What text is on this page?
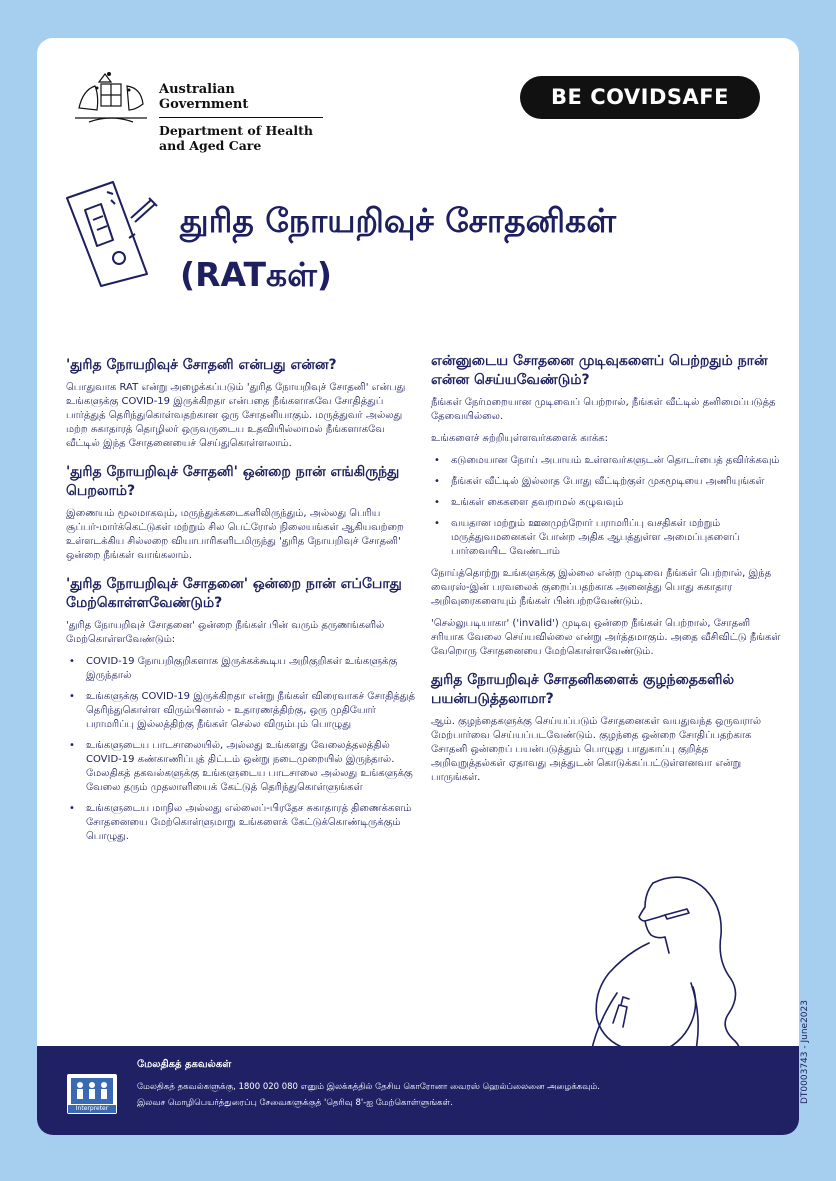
Australian Government
Department of Health
and Aged Care
BE COVIDSAFE
துரித நோயறிவுச் சோதனிகள்
(RATகள்)
'துரித நோயறிவுச் சோதனி என்பது என்ன?

பொதுவாக RAT என்று அழைக்கப்படும் 'துரித நோயறிவுச் சோதனி' என்பது உங்களுக்கு COVID-19 இருக்கிறதா என்பதை நீங்களாகவே சோதித்துப் பார்த்துத் தெரிந்துகொள்வதற்கான ஒரு சோதனியாகும். மருத்துவர் அல்லது மற்ற சுகாதாரத் தொழிலர் ஒருவருடைய உதவியில்லாமல் நீங்களாகவே வீட்டில் இந்த சோதனையைச் செய்துகொள்ளலாம்.

'துரித நோயறிவுச் சோதனி' ஒன்றை நான் எங்கிருந்து பெறலாம்?

இணையம் மூலமாகவும், மருந்துக்கடைகளிலிருந்தும், அல்லது பெரிய சூப்பர்-மார்க்கெட்டுகள் மற்றும் சில பெட்ரோல் நிலையங்கள் ஆகியவற்றை உள்ளடக்கிய சில்லறை வியாபாரிகளிடமிருந்து 'துரித நோயறிவுச் சோதனி' ஒன்றை நீங்கள் வாங்கலாம்.

'துரித நோயறிவுச் சோதனை' ஒன்றை நான் எப்போது மேற்கொள்ளவேண்டும்?

'துரித நோயறிவுச் சோதனை' ஒன்றை நீங்கள் பின் வரும் தருணங்களில் மேற்கொள்ளவேண்டும்:

• COVID-19 நோயறிகுறிகளாக இருக்கக்கூடிய அறிகுறிகள் உங்களுக்கு இருந்தால்
• உங்களுக்கு COVID-19 இருக்கிறதா என்று நீங்கள் விரைவாகச் சோதித்துத் தெரிந்துகொள்ள விரும்பினால் - உதாரணத்திற்கு, ஒரு முதியோர் பராமரிப்பு இல்லத்திற்கு நீங்கள் செல்ல விரும்பும் பொழுது
• உங்களுடைய பாடசாலையில், அல்லது உங்களது வேலைத்தலத்தில் COVID-19 கண்காணிப்புத் திட்டம் ஒன்று நடைமுறையில் இருந்தால். மேலதிகத் தகவல்களுக்கு உங்களுடைய பாடசாலை அல்லது உங்களுக்கு வேலை தரும் முதலாளியைக் கேட்டுத் தெரிந்துகொள்ளுங்கள்
• உங்களுடைய மாநில அல்லது எல்லைப்-பிரதேச சுகாதாரத் திணைக்களம் சோதனையை மேற்கொள்ளுமாறு உங்களைக் கேட்டுக்கொண்டிருக்கும் பொழுது.
என்னுடைய சோதனை முடிவுகளைப் பெற்றதும் நான் என்ன செய்யவேண்டும்?

நீங்கள் நேர்மறையான முடிவைப் பெற்றால், நீங்கள் வீட்டில் தனிமைப்படுத்த தேவையில்லை.

உங்களைச் சுற்றியுள்ளவர்களைக் காக்க:

• கடுமையான நோய் அபாயம் உள்ளவர்களுடன் தொடர்பைத் தவிர்க்கவும்
• நீங்கள் வீட்டில் இல்லாத போது வீட்டிற்குள் முகமூடியை அணியுங்கள்
• உங்கள் கைகளை தவறாமல் கழுவவும்
• வயதான மற்றும் ஊனமுற்றோர் பராமரிப்பு வசதிகள் மற்றும் மருத்துவமனைகள் போன்ற அதிக ஆபத்துள்ள அமைப்புகளைப் பார்வையிட வேண்டாம்

நோய்த்தொற்று உங்களுக்கு இல்லை என்ற முடிவை நீங்கள் பெற்றால், இந்த வைரஸ்-இன் பரவலைக் குறைப்பதற்காக அனைத்து பொது சுகாதார அறிவுரைகளையும் நீங்கள் பின்பற்றவேண்டும்.

'செல்லுபடியாகா' ('invalid') முடிவு ஒன்றை நீங்கள் பெற்றால், சோதனி சரியாக வேலை செய்யவில்லை என்று அர்த்தமாகும். அதை வீசிவிட்டு நீங்கள் வேறொரு சோதனையை மேற்கொள்ளவேண்டும்.

துரித நோயறிவுச் சோதனிகளைக் குழந்தைகளில் பயன்படுத்தலாமா?

ஆம். குழந்தைகளுக்கு செய்யப்படும் சோதனைகள் வயதுவந்த ஒருவரால் மேற்பார்வை செய்யப்படவேண்டும். குழந்தை ஒன்றை சோதிப்பதற்காக சோதனி ஒன்றைப் பயன்படுத்தும் பொழுது பாதுகாப்பு குறித்த அறிவுறுத்தல்கள் ஏதாவது அத்துடன் கொடுக்கப்பட்டுள்ளனவா என்று பாருங்கள்.

Interpreter
மேலதிகத் தகவல்கள்
மேலதிகத் தகவல்களுக்கு, 1800 020 080 எனும் இலக்கத்தில் தேசிய கொரோனா வைரஸ் ஹெல்ப்லைனை அழைக்கவும்.
இலவச மொழிபெயர்த்துரைப்பு சேவைகளுக்குத் 'தெரிவு 8'-ஐ மேற்கொள்ளுங்கள்.	DT0003743 - June2023
